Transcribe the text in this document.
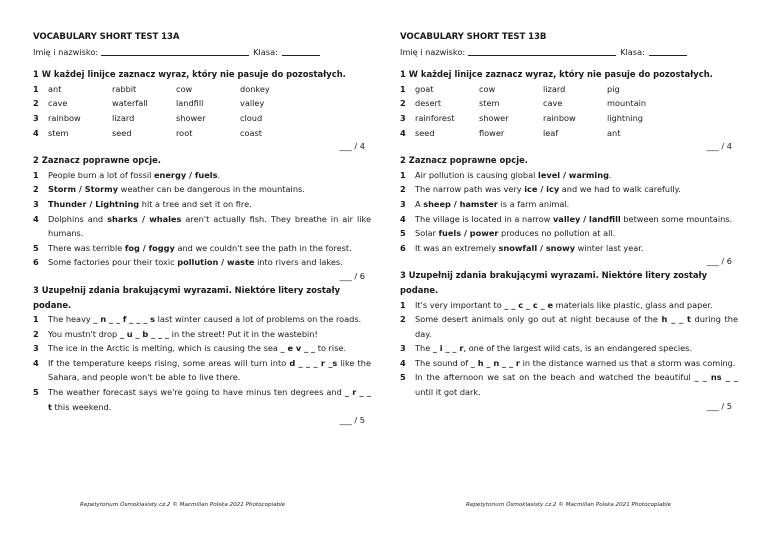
VOCABULARY SHORT TEST 13A
Imię i nazwisko:	Klasa:
1 W każdej linijce zaznacz wyraz, który nie pasuje do pozostałych.
1	ant	rabbit	cow	donkey
2	cave	waterfall	landfill	valley
3	rainbow	lizard	shower	cloud
4	stem	seed	root	coast
___ / 4
2 Zaznacz poprawne opcje.
1	People burn a lot of fossil energy / fuels.
2	Storm / Stormy weather can be dangerous in the mountains.
3	Thunder / Lightning hit a tree and set it on fire.
4	Dolphins and sharks / whales aren't actually fish. They breathe in air like humans.
5	There was terrible fog / foggy and we couldn't see the path in the forest.
6	Some factories pour their toxic pollution / waste into rivers and lakes.
___ / 6
3 Uzupełnij zdania brakującymi wyrazami. Niektóre litery zostały podane.
1	The heavy _ n _ _ f _ _ _ s last winter caused a lot of problems on the roads.
2	You mustn't drop _ u _ b _ _ _ in the street! Put it in the wastebin!
3	The ice in the Arctic is melting, which is causing the sea _ e v _ _ to rise.
4	If the temperature keeps rising, some areas will turn into d _ _ _ r _s like the Sahara, and people won't be able to live there.
5	The weather forecast says we're going to have minus ten degrees and _ r _ _ t this weekend.
___ / 5
VOCABULARY SHORT TEST 13B
Imię i nazwisko:	Klasa:
1 W każdej linijce zaznacz wyraz, który nie pasuje do pozostałych.
1	goat	cow	lizard	pig
2	desert	stem	cave	mountain
3	rainforest	shower	rainbow	lightning
4	seed	flower	leaf	ant
___ / 4
2 Zaznacz poprawne opcje.
1	Air pollution is causing global level / warming.
2	The narrow path was very ice / icy and we had to walk carefully.
3	A sheep / hamster is a farm animal.
4	The village is located in a narrow valley / landfill between some mountains.
5	Solar fuels / power produces no pollution at all.
6	It was an extremely snowfall / snowy winter last year.
___ / 6
3 Uzupełnij zdania brakującymi wyrazami. Niektóre litery zostały podane.
1	It's very important to _ _ c _ c _ e materials like plastic, glass and paper.
2	Some desert animals only go out at night because of the h _ _ t during the day.
3	The _ i _ _ r, one of the largest wild cats, is an endangered species.
4	The sound of _ h _ n _ _ r in the distance warned us that a storm was coming.
5	In the afternoon we sat on the beach and watched the beautiful _ _ ns _ _ until it got dark.
___ / 5
Repetytorium Ósmoklasisty cz.2 © Macmillan Polska 2021 Photocopiable	Repetytorium Ósmoklasisty cz.2 © Macmillan Polska 2021 Photocopiable
